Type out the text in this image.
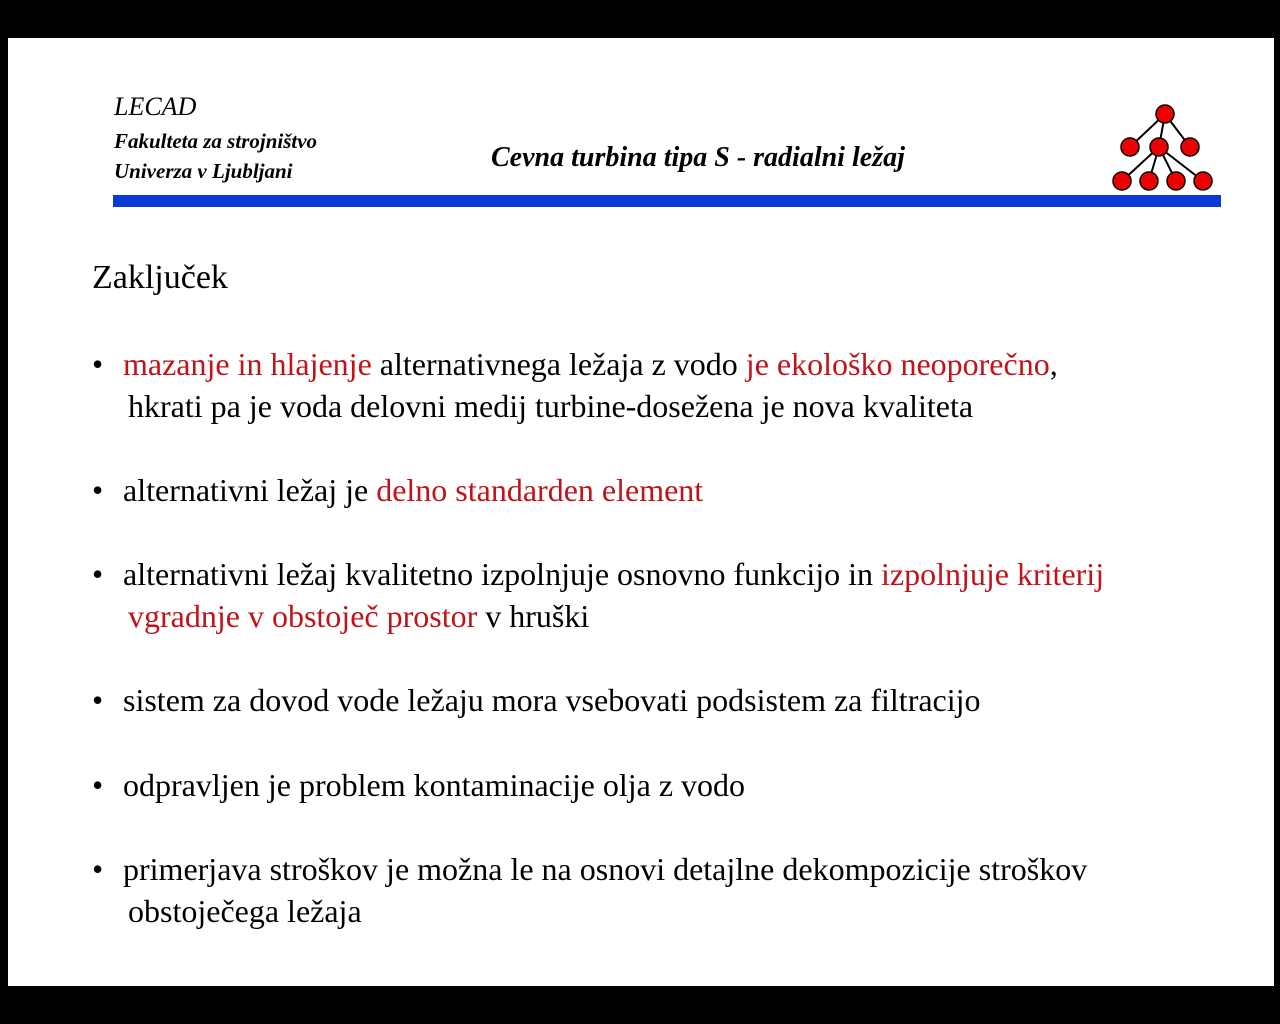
LECAD
Fakulteta za strojništvo
Univerza v Ljubljani	Cevna turbina tipa S - radialni ležaj
Zaključek
• mazanje in hlajenje alternativnega ležaja z vodo je ekološko neoporečno,
hkrati pa je voda delovni medij turbine-dosežena je nova kvaliteta
• alternativni ležaj je delno standarden element
• alternativni ležaj kvalitetno izpolnjuje osnovno funkcijo in izpolnjuje kriterij
vgradnje v obstoječ prostor v hruški
• sistem za dovod vode ležaju mora vsebovati podsistem za filtracijo
• odpravljen je problem kontaminacije olja z vodo
• primerjava stroškov je možna le na osnovi detajlne dekompozicije stroškov
obstoječega ležaja
